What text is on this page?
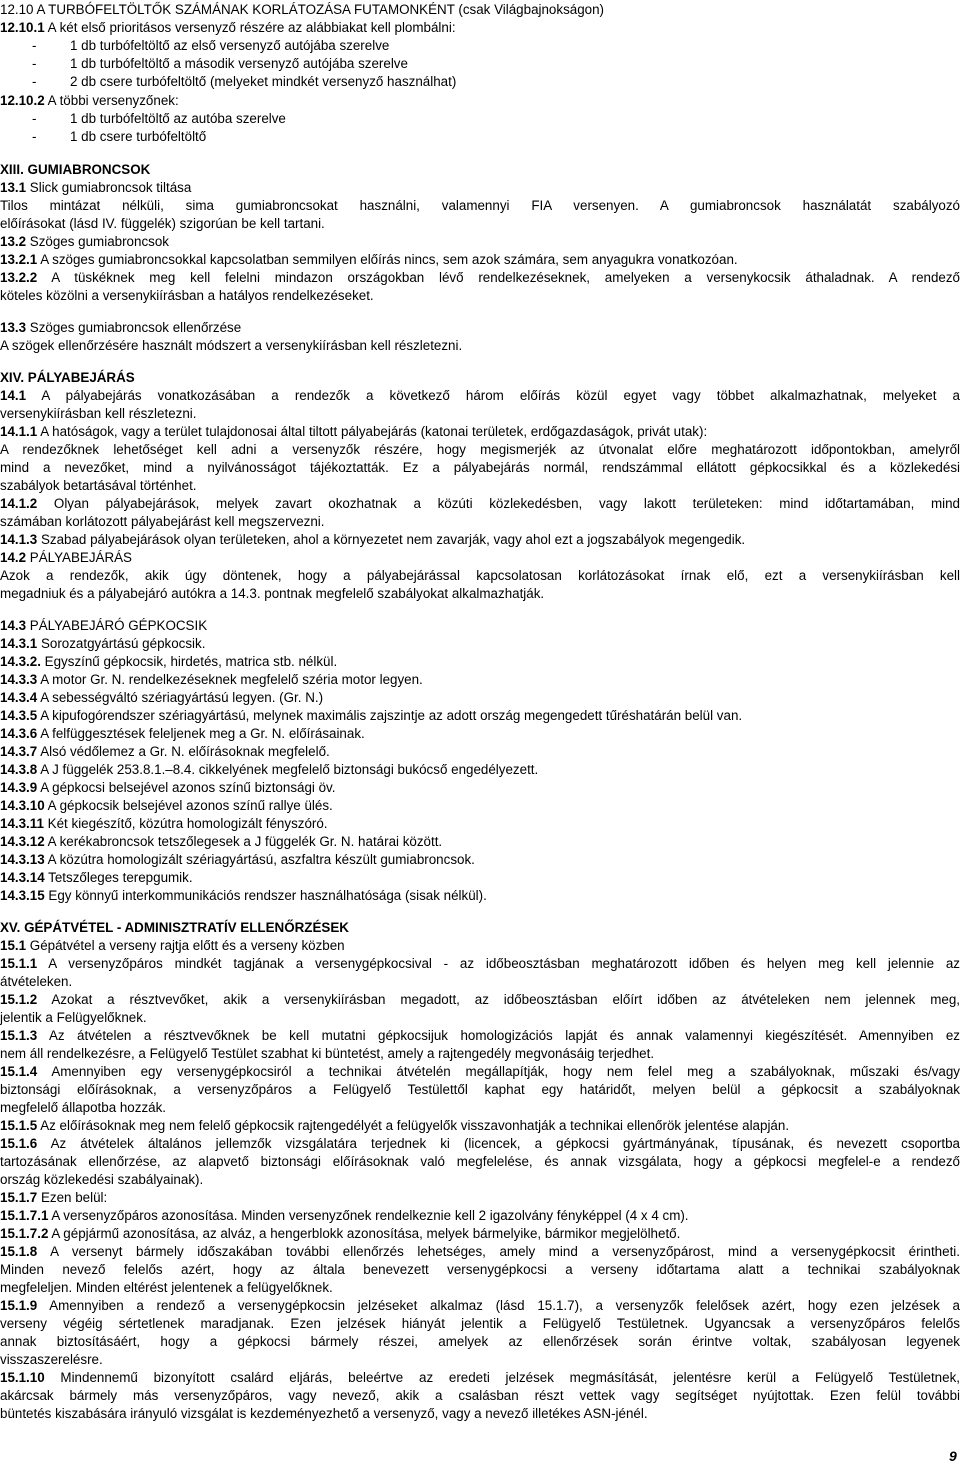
12.10 A TURBÓFELTÖLTŐK SZÁMÁNAK KORLÁTOZÁSA FUTAMONKÉNT (csak Világbajnokságon)
12.10.1 A két első prioritásos versenyző részére az alábbiakat kell plombálni:
-	1 db turbófeltöltő az első versenyző autójába szerelve
-	1 db turbófeltöltő a második versenyző autójába szerelve
-	2 db csere turbófeltöltő (melyeket mindkét versenyző használhat)
12.10.2 A többi versenyzőnek:
-	1 db turbófeltöltő az autóba szerelve
-	1 db csere turbófeltöltő
XIII. GUMIABRONCSOK
13.1 Slick gumiabroncsok tiltása
Tilos mintázat nélküli, sima gumiabroncsokat használni, valamennyi FIA versenyen. A gumiabroncsok használatát szabályozó
előírásokat (lásd IV. függelék) szigorúan be kell tartani.
13.2 Szöges gumiabroncsok
13.2.1 A szöges gumiabroncsokkal kapcsolatban semmilyen előírás nincs, sem azok számára, sem anyagukra vonatkozóan.
13.2.2 A tüskéknek meg kell felelni mindazon országokban lévő rendelkezéseknek, amelyeken a versenykocsik áthaladnak. A rendező
köteles közölni a versenykiírásban a hatályos rendelkezéseket.
13.3 Szöges gumiabroncsok ellenőrzése
A szögek ellenőrzésére használt módszert a versenykiírásban kell részletezni.
XIV. PÁLYABEJÁRÁS
14.1 A pályabejárás vonatkozásában a rendezők a következő három előírás közül egyet vagy többet alkalmazhatnak, melyeket a
versenykiírásban kell részletezni.
14.1.1 A hatóságok, vagy a terület tulajdonosai által tiltott pályabejárás (katonai területek, erdőgazdaságok, privát utak):
A rendezőknek lehetőséget kell adni a versenyzők részére, hogy megismerjék az útvonalat előre meghatározott időpontokban, amelyről
mind a nevezőket, mind a nyilvánosságot tájékoztatták. Ez a pályabejárás normál, rendszámmal ellátott gépkocsikkal és a közlekedési
szabályok betartásával történhet.
14.1.2 Olyan pályabejárások, melyek zavart okozhatnak a közúti közlekedésben, vagy lakott területeken: mind időtartamában, mind
számában korlátozott pályabejárást kell megszervezni.
14.1.3 Szabad pályabejárások olyan területeken, ahol a környezetet nem zavarják, vagy ahol ezt a jogszabályok megengedik.
14.2 PÁLYABEJÁRÁS
Azok a rendezők, akik úgy döntenek, hogy a pályabejárással kapcsolatosan korlátozásokat írnak elő, ezt a versenykiírásban kell
megadniuk és a pályabejáró autókra a 14.3. pontnak megfelelő szabályokat alkalmazhatják.
14.3 PÁLYABEJÁRÓ GÉPKOCSIK
14.3.1 Sorozatgyártású gépkocsik.
14.3.2. Egyszínű gépkocsik, hirdetés, matrica stb. nélkül.
14.3.3 A motor Gr. N. rendelkezéseknek megfelelő széria motor legyen.
14.3.4 A sebességváltó szériagyártású legyen. (Gr. N.)
14.3.5 A kipufogórendszer szériagyártású, melynek maximális zajszintje az adott ország megengedett tűréshatárán belül van.
14.3.6 A felfüggesztések feleljenek meg a Gr. N. előírásainak.
14.3.7 Alsó védőlemez a Gr. N. előírásoknak megfelelő.
14.3.8 A J függelék 253.8.1.–8.4. cikkelyének megfelelő biztonsági bukócső engedélyezett.
14.3.9 A gépkocsi belsejével azonos színű biztonsági öv.
14.3.10 A gépkocsik belsejével azonos színű rallye ülés.
14.3.11 Két kiegészítő, közútra homologizált fényszóró.
14.3.12 A kerékabroncsok tetszőlegesek a J függelék Gr. N. határai között.
14.3.13 A közútra homologizált szériagyártású, aszfaltra készült gumiabroncsok.
14.3.14 Tetszőleges terepgumik.
14.3.15 Egy könnyű interkommunikációs rendszer használhatósága (sisak nélkül).
XV. GÉPÁTVÉTEL - ADMINISZTRATÍV ELLENŐRZÉSEK
15.1 Gépátvétel a verseny rajtja előtt és a verseny közben
15.1.1 A versenyzőpáros mindkét tagjának a versenygépkocsival - az időbeosztásban meghatározott időben és helyen meg kell jelennie az
átvételeken.
15.1.2 Azokat a résztvevőket, akik a versenykiírásban megadott, az időbeosztásban előírt időben az átvételeken nem jelennek meg,
jelentik a Felügyelőknek.
15.1.3 Az átvételen a résztvevőknek be kell mutatni gépkocsijuk homologizációs lapját és annak valamennyi kiegészítését. Amennyiben ez
nem áll rendelkezésre, a Felügyelő Testület szabhat ki büntetést, amely a rajtengedély megvonásáig terjedhet.
15.1.4 Amennyiben egy versenygépkocsiról a technikai átvételén megállapítják, hogy nem felel meg a szabályoknak, műszaki és/vagy
biztonsági előírásoknak, a versenyzőpáros a Felügyelő Testülettől kaphat egy határidőt, melyen belül a gépkocsit a szabályoknak
megfelelő állapotba hozzák.
15.1.5 Az előírásoknak meg nem felelő gépkocsik rajtengedélyét a felügyelők visszavonhatják a technikai ellenőrök jelentése alapján.
15.1.6 Az átvételek általános jellemzők vizsgálatára terjednek ki (licencek, a gépkocsi gyártmányának, típusának, és nevezett csoportba
tartozásának ellenőrzése, az alapvető biztonsági előírásoknak való megfelelése, és annak vizsgálata, hogy a gépkocsi megfelel-e a rendező
ország közlekedési szabályainak).
15.1.7 Ezen belül:
15.1.7.1 A versenyzőpáros azonosítása. Minden versenyzőnek rendelkeznie kell 2 igazolvány fényképpel (4 x 4 cm).
15.1.7.2 A gépjármű azonosítása, az alváz, a hengerblokk azonosítása, melyek bármelyike, bármikor megjelölhető.
15.1.8 A versenyt bármely időszakában további ellenőrzés lehetséges, amely mind a versenyzőpárost, mind a versenygépkocsit érintheti.
Minden nevező felelős azért, hogy az általa benevezett versenygépkocsi a verseny időtartama alatt a technikai szabályoknak
megfeleljen. Minden eltérést jelentenek a felügyelőknek.
15.1.9 Amennyiben a rendező a versenygépkocsin jelzéseket alkalmaz (lásd 15.1.7), a versenyzők felelősek azért, hogy ezen jelzések a
verseny végéig sértetlenek maradjanak. Ezen jelzések hiányát jelentik a Felügyelő Testületnek. Ugyancsak a versenyzőpáros felelős
annak biztosításáért, hogy a gépkocsi bármely részei, amelyek az ellenőrzések során érintve voltak, szabályosan legyenek
visszaszerelésre.
15.1.10 Mindennemű bizonyított csalárd eljárás, beleértve az eredeti jelzések megmásítását, jelentésre kerül a Felügyelő Testületnek,
akárcsak bármely más versenyzőpáros, vagy nevező, akik a csalásban részt vettek vagy segítséget nyújtottak. Ezen felül további
büntetés kiszabására irányuló vizsgálat is kezdeményezhető a versenyző, vagy a nevező illetékes ASN-jénél.
9
